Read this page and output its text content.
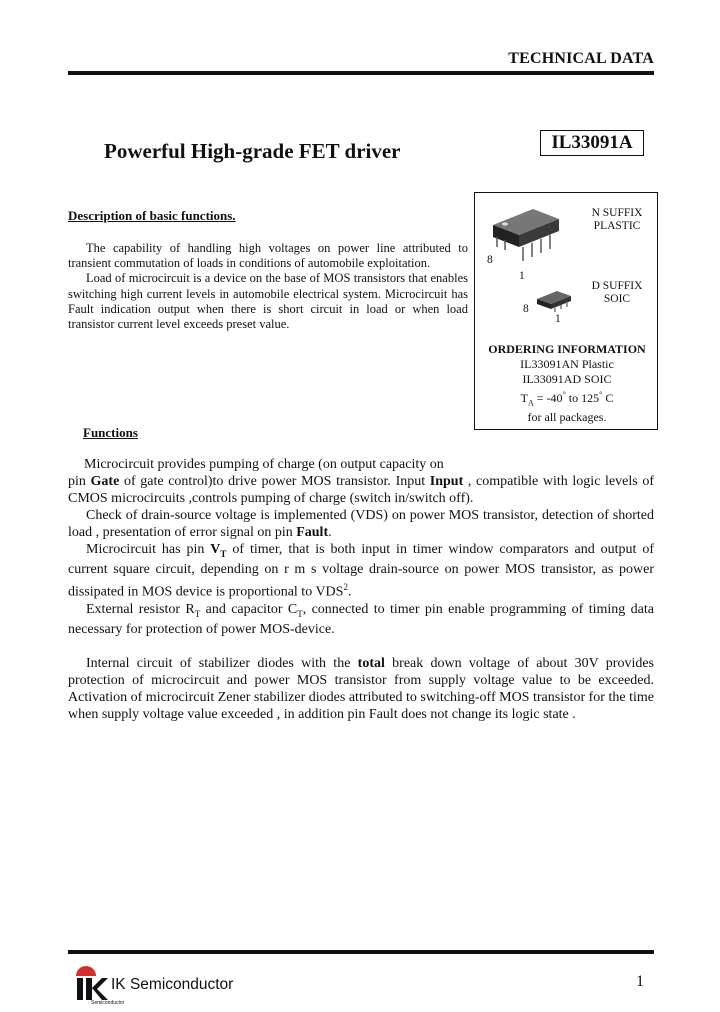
TECHNICAL DATA
Powerful High-grade FET driver	IL33091A
Description of basic functions.

The capability of handling high voltages on power line attributed to transient commutation of loads in conditions of automobile exploitation.

Load of microcircuit is a device on the base of MOS transistors that enables switching high current levels in automobile electrical system. Microcircuit has Fault indication output when there is short circuit in load or when load transistor current level exceeds preset value.

8
1
N SUFFIX
PLASTIC
8
1
D SUFFIX
SOIC
ORDERING INFORMATION
IL33091AN Plastic
IL33091AD SOIC
$T_A = -40^\circ$ to 125° C
for all packages.
Functions

Microcircuit provides pumping of charge (on output capacity on
pin Gate of gate control)to drive power MOS transistor. Input Input , compatible with logic levels of CMOS microcircuits ,controls pumping of charge (switch in/switch off).

Check of drain-source voltage is implemented (VDS) on power MOS transistor, detection of shorted load , presentation of error signal on pin Fault.

Microcircuit has pin $V_T$ of timer, that is both input in timer window comparators and output of current square circuit, depending on r m s voltage drain-source on power MOS transistor, as power dissipated in MOS device is proportional to VDS$^2$.

External resistor $R_T$ and capacitor $C_T$, connected to timer pin enable programming of timing data necessary for protection of power MOS-device.

Internal circuit of stabilizer diodes with the total break down voltage of about 30V provides protection of microcircuit and power MOS transistor from supply voltage value to be exceeded. Activation of microcircuit Zener stabilizer diodes attributed to switching-off MOS transistor for the time when supply voltage value exceeded , in addition pin Fault does not change its logic state .

IK Semiconductor
Semiconductor
1
